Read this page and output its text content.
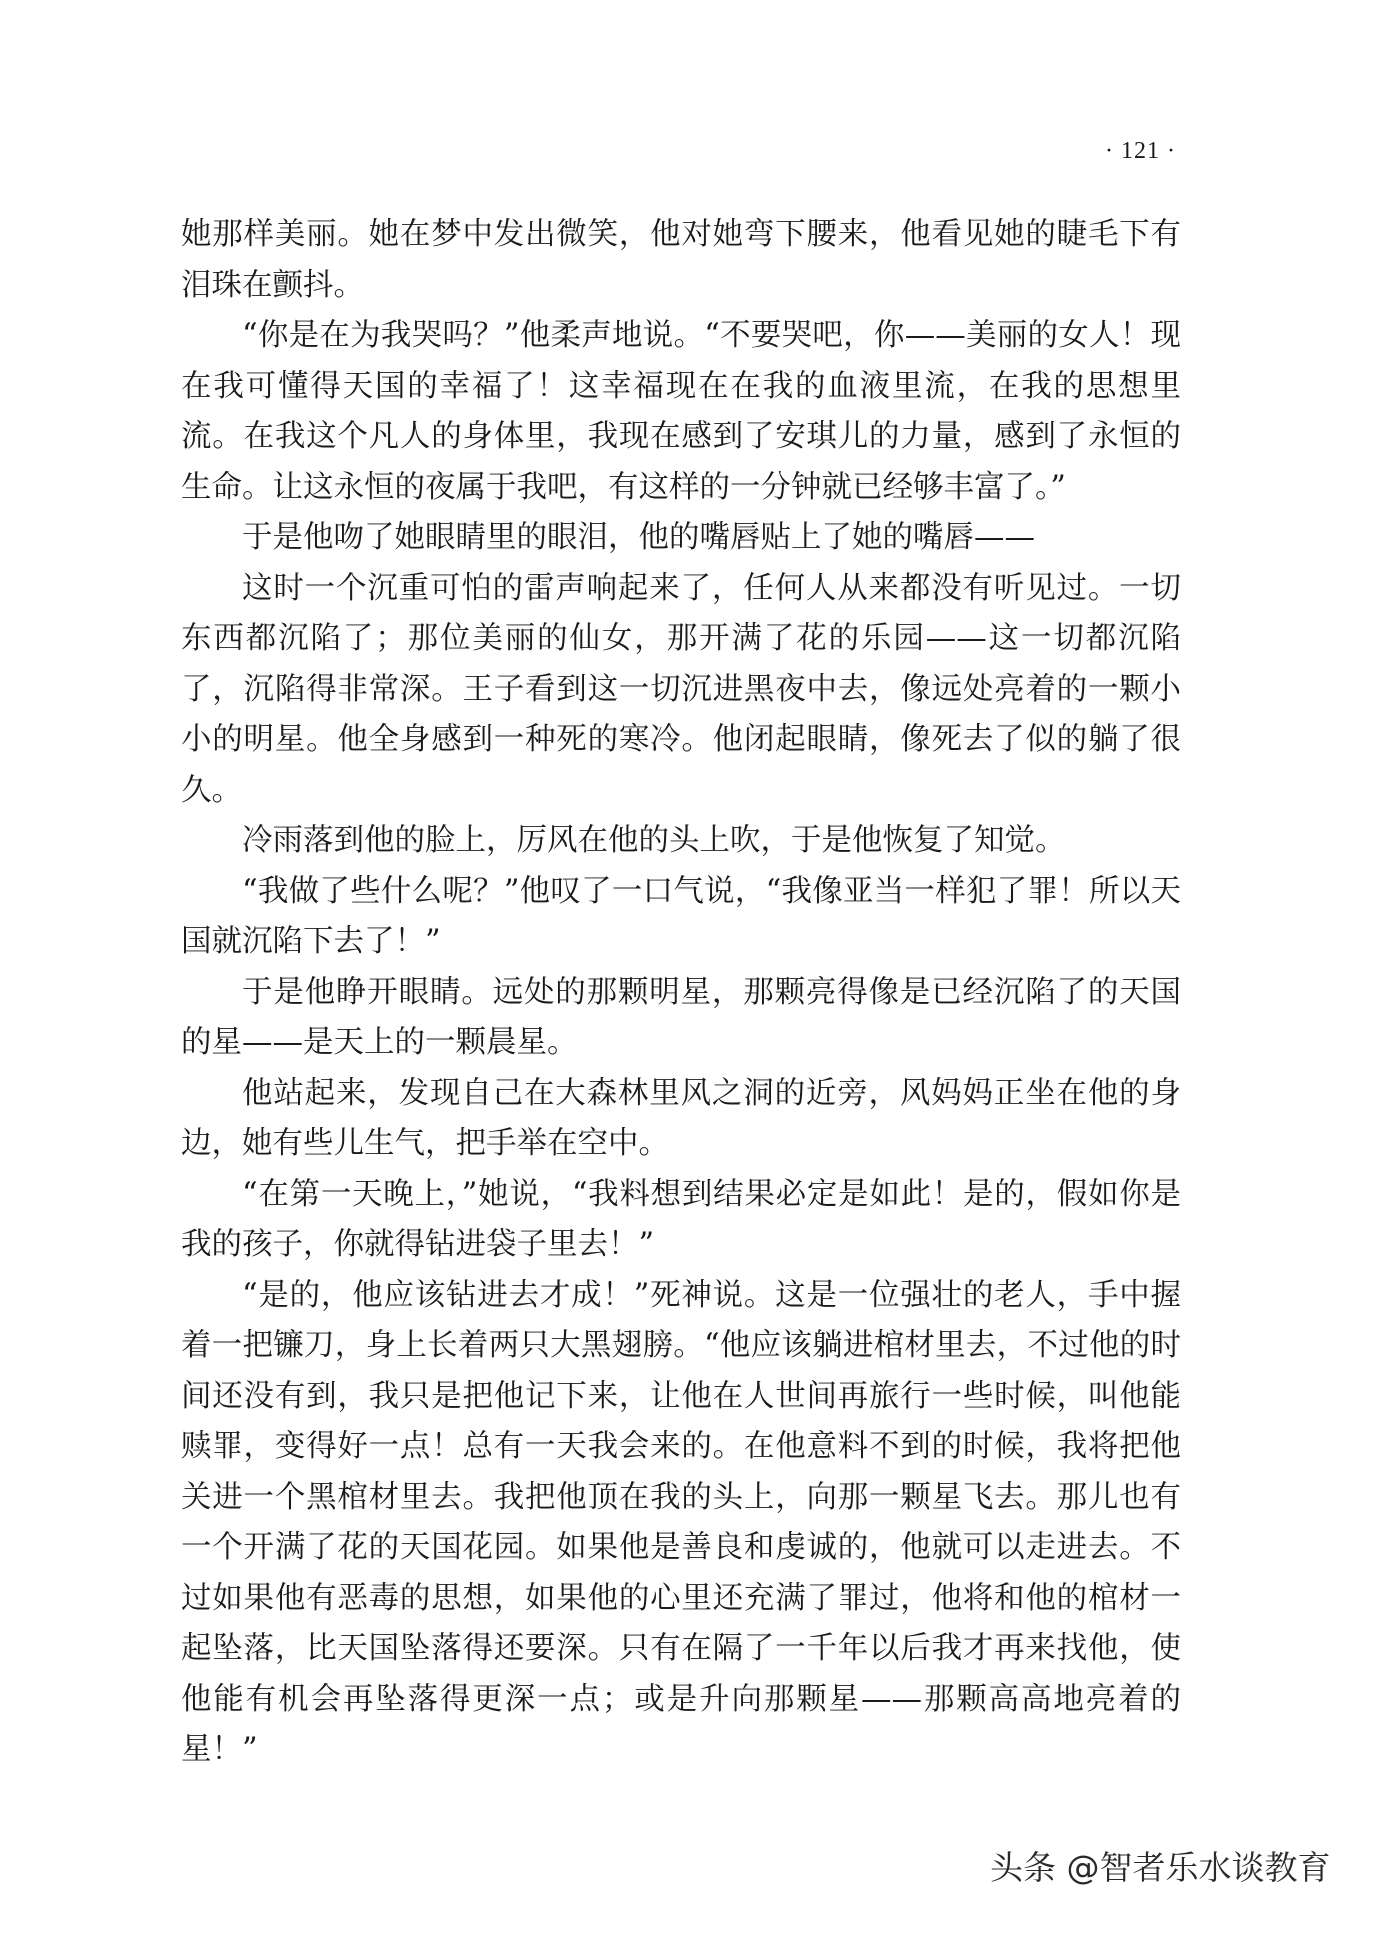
· 121 ·

她那样美丽。她在梦中发出微笑，他对她弯下腰来，他看见她的睫毛下有泪珠在颤抖。

“你是在为我哭吗？”他柔声地说。“不要哭吧，你——美丽的女人！现在我可懂得天国的幸福了！这幸福现在在我的血液里流，在我的思想里流。在我这个凡人的身体里，我现在感到了安琪儿的力量，感到了永恒的生命。让这永恒的夜属于我吧，有这样的一分钟就已经够丰富了。”

于是他吻了她眼睛里的眼泪，他的嘴唇贴上了她的嘴唇——

这时一个沉重可怕的雷声响起来了，任何人从来都没有听见过。一切东西都沉陷了；那位美丽的仙女，那开满了花的乐园——这一切都沉陷了，沉陷得非常深。王子看到这一切沉进黑夜中去，像远处亮着的一颗小小的明星。他全身感到一种死的寒冷。他闭起眼睛，像死去了似的躺了很久。

冷雨落到他的脸上，厉风在他的头上吹，于是他恢复了知觉。

“我做了些什么呢？”他叹了一口气说，“我像亚当一样犯了罪！所以天国就沉陷下去了！”

于是他睁开眼睛。远处的那颗明星，那颗亮得像是已经沉陷了的天国的星——是天上的一颗晨星。

他站起来，发现自己在大森林里风之洞的近旁，风妈妈正坐在他的身边，她有些儿生气，把手举在空中。

“在第一天晚上，”她说，“我料想到结果必定是如此！是的，假如你是我的孩子，你就得钻进袋子里去！”

“是的，他应该钻进去才成！”死神说。这是一位强壮的老人，手中握着一把镰刀，身上长着两只大黑翅膀。“他应该躺进棺材里去，不过他的时间还没有到，我只是把他记下来，让他在人世间再旅行一些时候，叫他能赎罪，变得好一点！总有一天我会来的。在他意料不到的时候，我将把他关进一个黑棺材里去。我把他顶在我的头上，向那一颗星飞去。那儿也有一个开满了花的天国花园。如果他是善良和虔诚的，他就可以走进去。不过如果他有恶毒的思想，如果他的心里还充满了罪过，他将和他的棺材一起坠落，比天国坠落得还要深。只有在隔了一千年以后我才再来找他，使他能有机会再坠落得更深一点；或是升向那颗星——那颗高高地亮着的星！”

头条 @智者乐水谈教育
